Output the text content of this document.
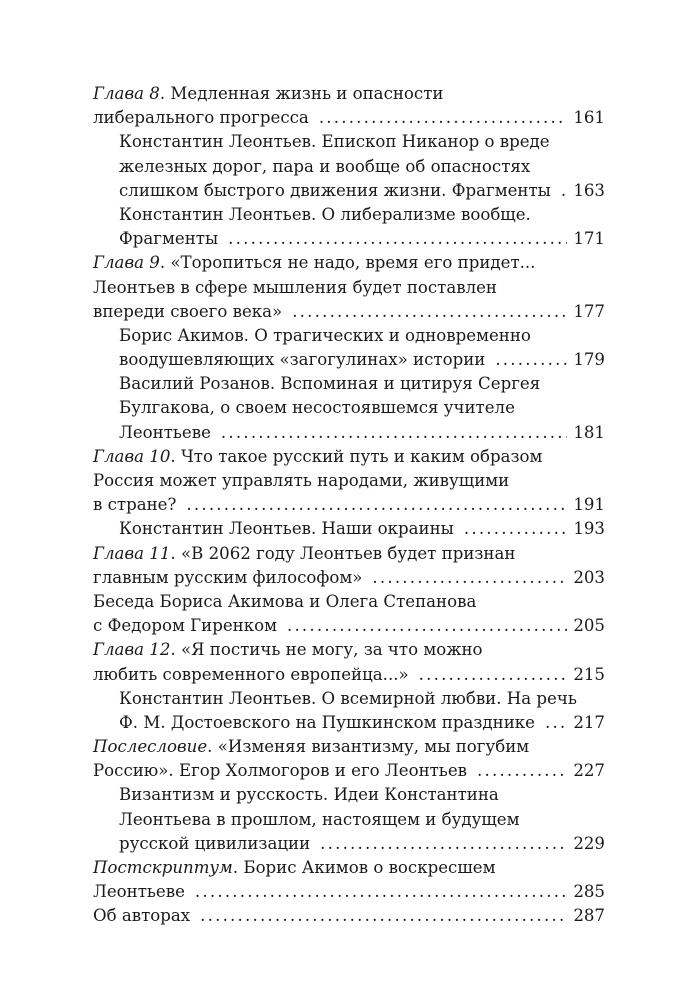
Глава 8. Медленная жизнь и опасности
либерального прогресса .....	161
Константин Леонтьев. Епископ Никанор о вреде
железных дорог, пара и вообще об опасностях
слишком быстрого движения жизни. Фрагменты ..... 163
Константин Леонтьев. О либерализме вообще.
Фрагменты .....	171
Глава 9. «Торопиться не надо, время его придет...
Леонтьев в сфере мышления будет поставлен
впереди своего века» .....	177
Борис Акимов. О трагических и одновременно
воодушевляющих «загогулинах» истории .....	179
Василий Розанов. Вспоминая и цитируя Сергея
Булгакова, о своем несостоявшемся учителе
Леонтьеве .....	181
Глава 10. Что такое русский путь и каким образом
Россия может управлять народами, живущими
в стране? .....	191
Константин Леонтьев. Наши окраины .....	193
Глава 11. «В 2062 году Леонтьев будет признан
главным русским философом» .....	203
Беседа Бориса Акимова и Олега Степанова
с Федором Гиренком .....	205
Глава 12. «Я постичь не могу, за что можно
любить современного европейца...» .....	215
Константин Леонтьев. О всемирной любви. На речь
Ф. М. Достоевского на Пушкинском празднике ..... 217
Послесловие. «Изменяя византизму, мы погубим
Россию». Егор Холмогоров и его Леонтьев .....	227
Византизм и русскость. Идеи Константина
Леонтьева в прошлом, настоящем и будущем
русской цивилизации .....	229
Постскриптум. Борис Акимов о воскресшем
Леонтьеве .....	285
Об авторах .....	287
